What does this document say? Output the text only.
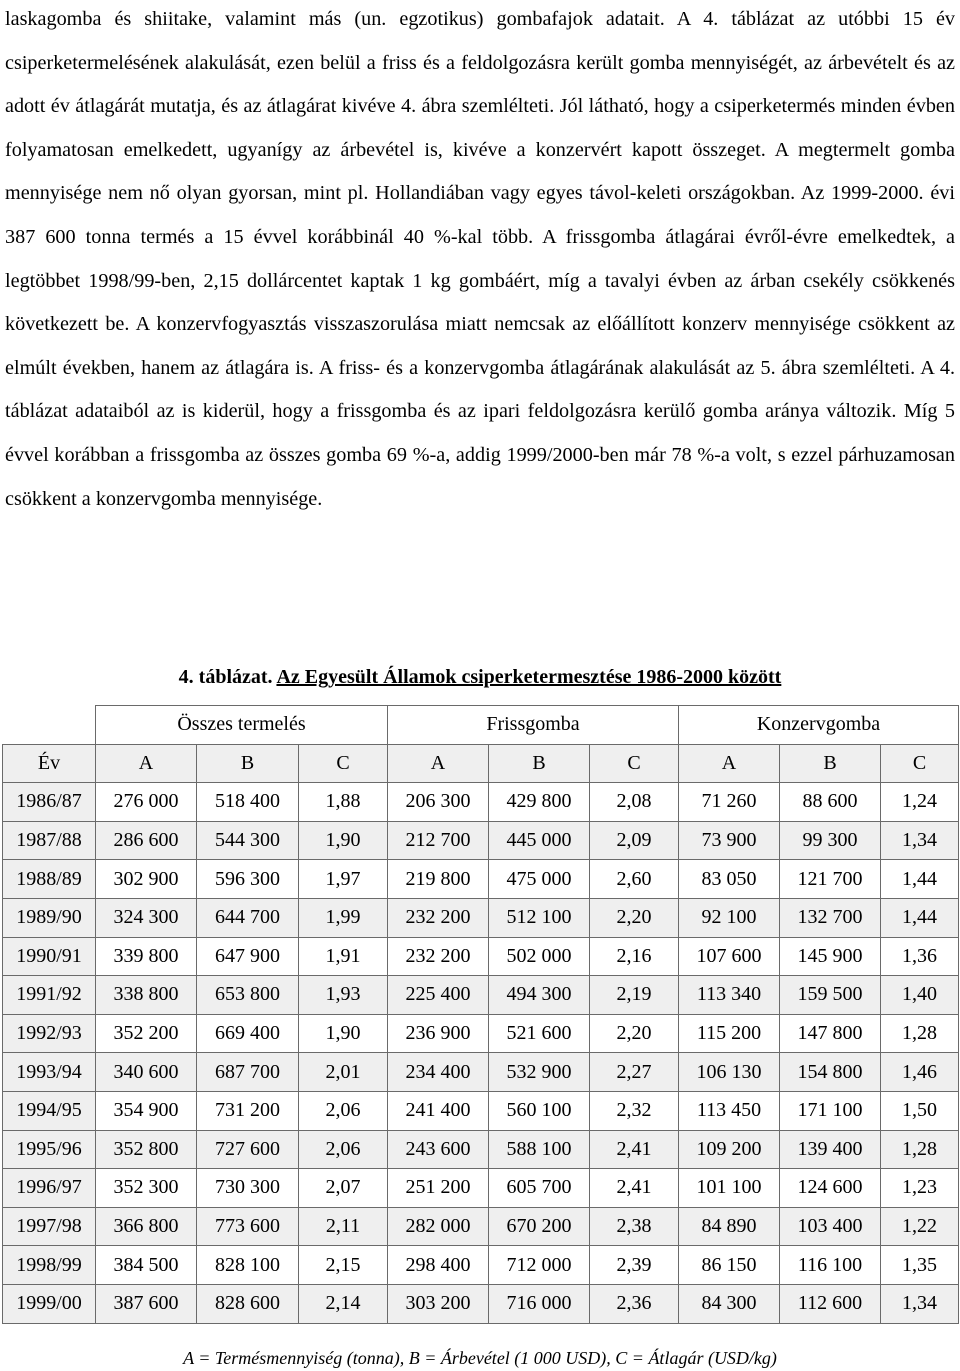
laskagomba és shiitake, valamint más (un. egzotikus) gombafajok adatait. A 4. táblázat az utóbbi 15 év csiperketermelésének alakulását, ezen belül a friss és a feldolgozásra került gomba mennyiségét, az árbevételt és az adott év átlagárát mutatja, és az átlagárat kivéve 4. ábra szemlélteti. Jól látható, hogy a csiperketermés minden évben folyamatosan emelkedett, ugyanígy az árbevétel is, kivéve a konzervért kapott összeget. A megtermelt gomba mennyisége nem nő olyan gyorsan, mint pl. Hollandiában vagy egyes távol-keleti országokban. Az 1999-2000. évi 387 600 tonna termés a 15 évvel korábbinál 40 %-kal több. A frissgomba átlagárai évről-évre emelkedtek, a legtöbbet 1998/99-ben, 2,15 dollárcentet kaptak 1 kg gombáért, míg a tavalyi évben az árban csekély csökkenés következett be. A konzervfogyasztás visszaszorulása miatt nemcsak az előállított konzerv mennyisége csökkent az elmúlt években, hanem az átlagára is. A friss- és a konzervgomba átlagárának alakulását az 5. ábra szemlélteti. A 4. táblázat adataiból az is kiderül, hogy a frissgomba és az ipari feldolgozásra kerülő gomba aránya változik. Míg 5 évvel korábban a frissgomba az összes gomba 69 %-a, addig 1999/2000-ben már 78 %-a volt, s ezzel párhuzamosan csökkent a konzervgomba mennyisége.

4. táblázat. Az Egyesült Államok csiperketermesztése 1986-2000 között
	Összes termelés			Frissgomba			Konzervgomba		
Év	A	B	C	A	B	C	A	B	C
1986/87	276 000	518 400	1,88	206 300	429 800	2,08	71 260	88 600	1,24
1987/88	286 600	544 300	1,90	212 700	445 000	2,09	73 900	99 300	1,34
1988/89	302 900	596 300	1,97	219 800	475 000	2,60	83 050	121 700	1,44
1989/90	324 300	644 700	1,99	232 200	512 100	2,20	92 100	132 700	1,44
1990/91	339 800	647 900	1,91	232 200	502 000	2,16	107 600	145 900	1,36
1991/92	338 800	653 800	1,93	225 400	494 300	2,19	113 340	159 500	1,40
1992/93	352 200	669 400	1,90	236 900	521 600	2,20	115 200	147 800	1,28
1993/94	340 600	687 700	2,01	234 400	532 900	2,27	106 130	154 800	1,46
1994/95	354 900	731 200	2,06	241 400	560 100	2,32	113 450	171 100	1,50
1995/96	352 800	727 600	2,06	243 600	588 100	2,41	109 200	139 400	1,28
1996/97	352 300	730 300	2,07	251 200	605 700	2,41	101 100	124 600	1,23
1997/98	366 800	773 600	2,11	282 000	670 200	2,38	84 890	103 400	1,22
1998/99	384 500	828 100	2,15	298 400	712 000	2,39	86 150	116 100	1,35
1999/00	387 600	828 600	2,14	303 200	716 000	2,36	84 300	112 600	1,34
A = Termésmennyiség (tonna), B = Árbevétel (1 000 USD), C = Átlagár (USD/kg)
